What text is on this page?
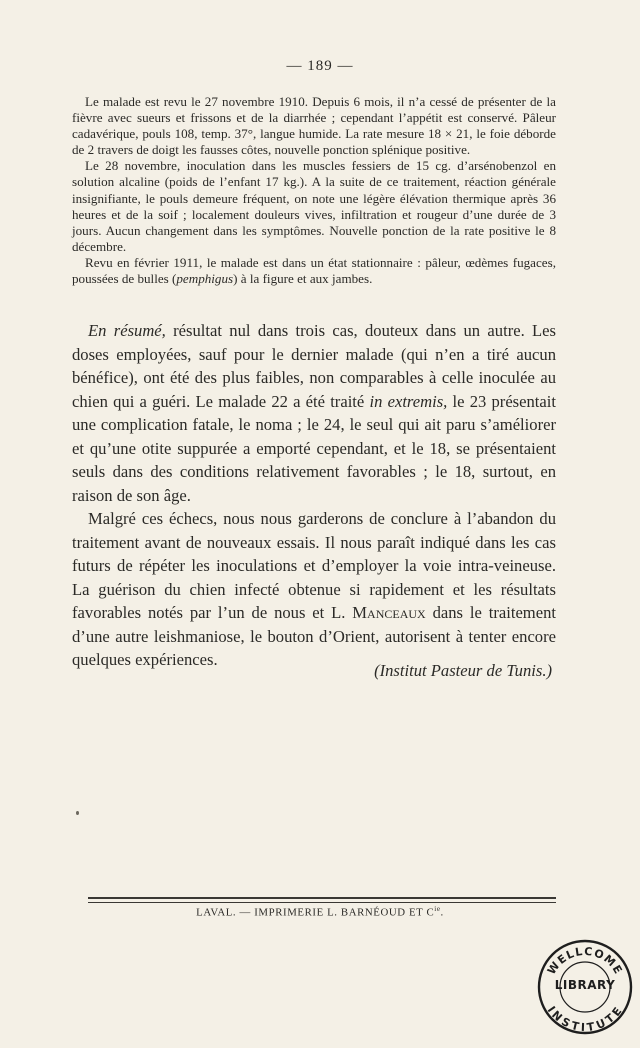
— 189 —

Le malade est revu le 27 novembre 1910. Depuis 6 mois, il n’a cessé de présenter de la fièvre avec sueurs et frissons et de la diarrhée ; cependant l’appétit est conservé. Pâleur cadavérique, pouls 108, temp. 37°, langue humide. La rate mesure 18 × 21, le foie déborde de 2 travers de doigt les fausses côtes, nouvelle ponction splénique positive.

Le 28 novembre, inoculation dans les muscles fessiers de 15 cg. d’arsénobenzol en solution alcaline (poids de l’enfant 17 kg.). A la suite de ce traitement, réaction générale insignifiante, le pouls demeure fréquent, on note une légère élévation thermique après 36 heures et de la soif ; localement douleurs vives, infiltration et rougeur d’une durée de 3 jours. Aucun changement dans les symptômes. Nouvelle ponction de la rate positive le 8 décembre.

Revu en février 1911, le malade est dans un état stationnaire : pâleur, œdèmes fugaces, poussées de bulles (pemphigus) à la figure et aux jambes.

En résumé, résultat nul dans trois cas, douteux dans un autre. Les doses employées, sauf pour le dernier malade (qui n’en a tiré aucun bénéfice), ont été des plus faibles, non comparables à celle inoculée au chien qui a guéri. Le malade 22 a été traité in extremis, le 23 présentait une complication fatale, le noma ; le 24, le seul qui ait paru s’améliorer et qu’une otite suppurée a emporté cependant, et le 18, se présentaient seuls dans des conditions relativement favorables ; le 18, surtout, en raison de son âge.

Malgré ces échecs, nous nous garderons de conclure à l’abandon du traitement avant de nouveaux essais. Il nous paraît indiqué dans les cas futurs de répéter les inoculations et d’employer la voie intra-veineuse. La guérison du chien infecté obtenue si rapidement et les résultats favorables notés par l’un de nous et L. Manceaux dans le traitement d’une autre leishmaniose, le bouton d’Orient, autorisent à tenter encore quelques expériences.

(Institut Pasteur de Tunis.)
LAVAL. — IMPRIMERIE L. BARNÉOUD ET $C^{ie}$.
WELLCOME
INSTITUTE
LIBRARY
